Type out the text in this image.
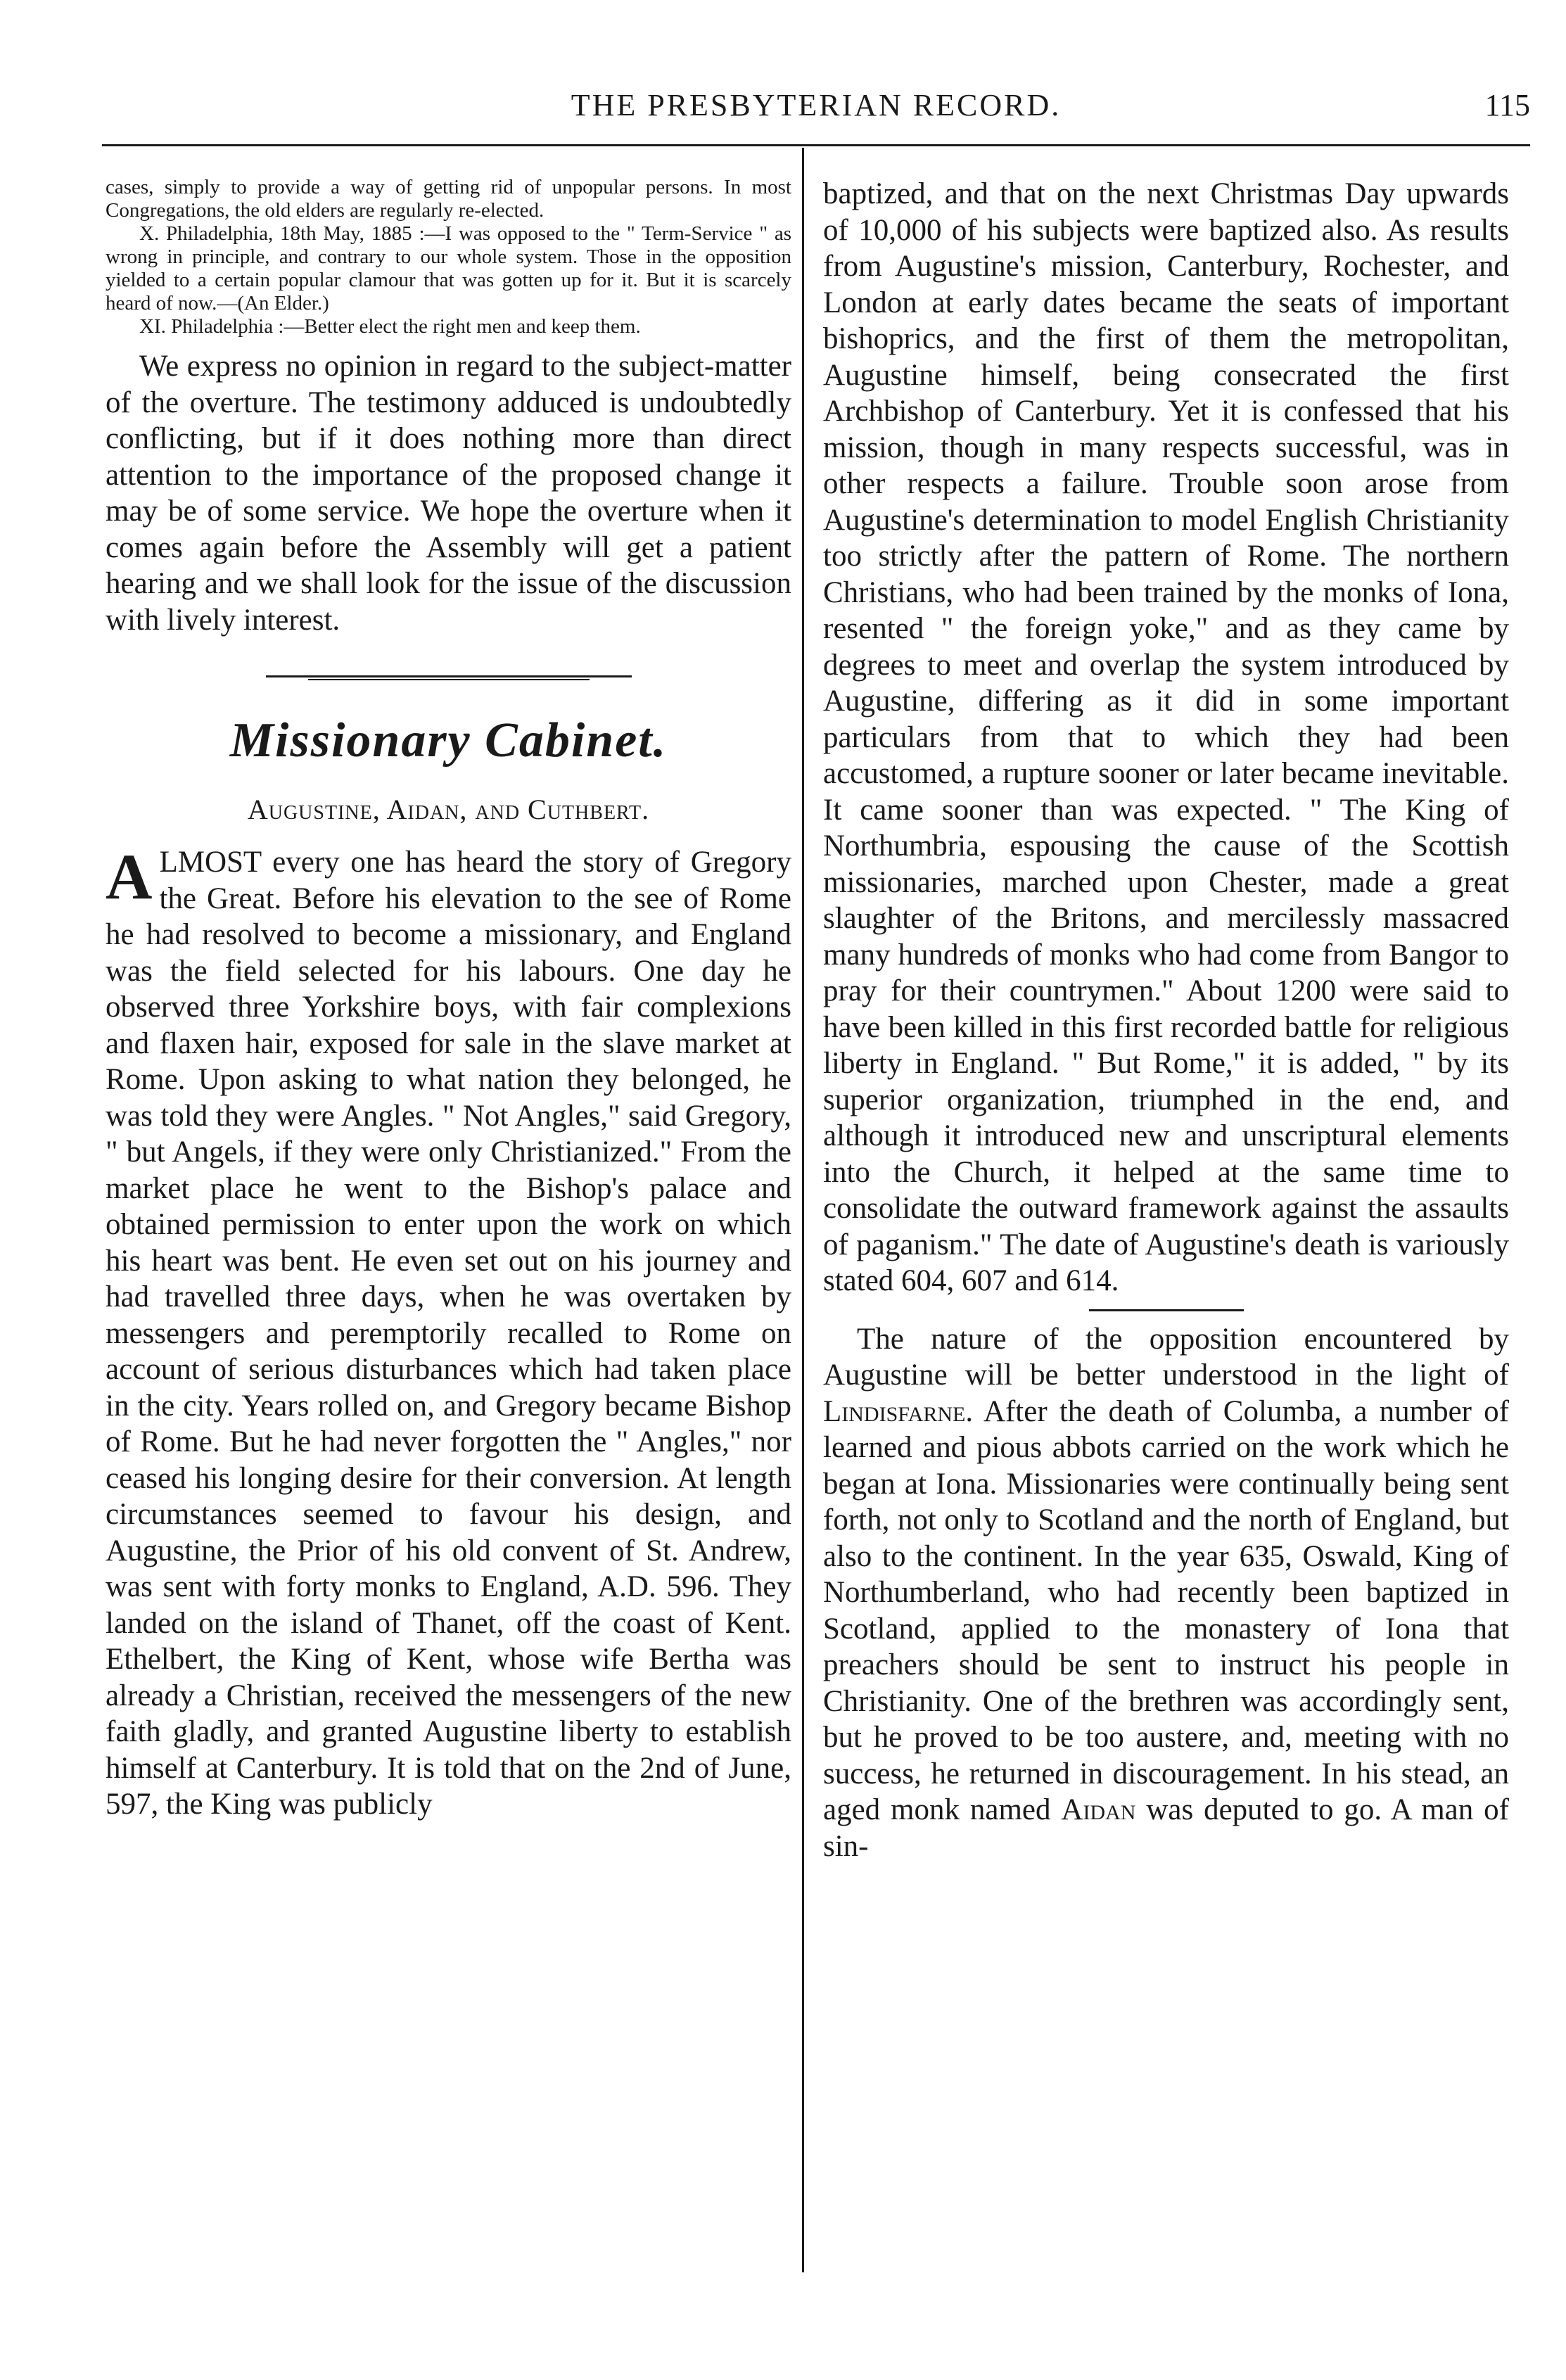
THE PRESBYTERIAN RECORD.	115

cases, simply to provide a way of getting rid of unpopular persons. In most Congregations, the old elders are regularly re-elected.

X. Philadelphia, 18th May, 1885 :—I was opposed to the " Term-Service " as wrong in principle, and contrary to our whole system. Those in the opposition yielded to a certain popular clamour that was gotten up for it. But it is scarcely heard of now.—(An Elder.)

XI. Philadelphia :—Better elect the right men and keep them.

We express no opinion in regard to the subject-matter of the overture. The testimony adduced is undoubtedly conflicting, but if it does nothing more than direct attention to the importance of the proposed change it may be of some service. We hope the overture when it comes again before the Assembly will get a patient hearing and we shall look for the issue of the discussion with lively interest.

Missionary Cabinet.
Augustine, Aidan, and Cuthbert.

ALMOST every one has heard the story of Gregory the Great. Before his elevation to the see of Rome he had resolved to become a missionary, and England was the field selected for his labours. One day he observed three Yorkshire boys, with fair complexions and flaxen hair, exposed for sale in the slave market at Rome. Upon asking to what nation they belonged, he was told they were Angles. " Not Angles," said Gregory, " but Angels, if they were only Christianized." From the market place he went to the Bishop's palace and obtained permission to enter upon the work on which his heart was bent. He even set out on his journey and had travelled three days, when he was overtaken by messengers and peremptorily recalled to Rome on account of serious disturbances which had taken place in the city. Years rolled on, and Gregory became Bishop of Rome. But he had never forgotten the " Angles," nor ceased his longing desire for their conversion. At length circumstances seemed to favour his design, and Augustine, the Prior of his old convent of St. Andrew, was sent with forty monks to England, A.D. 596. They landed on the island of Thanet, off the coast of Kent. Ethelbert, the King of Kent, whose wife Bertha was already a Christian, received the messengers of the new faith gladly, and granted Augustine liberty to establish himself at Canterbury. It is told that on the 2nd of June, 597, the King was publicly

baptized, and that on the next Christmas Day upwards of 10,000 of his subjects were baptized also. As results from Augustine's mission, Canterbury, Rochester, and London at early dates became the seats of important bishoprics, and the first of them the metropolitan, Augustine himself, being consecrated the first Archbishop of Canterbury. Yet it is confessed that his mission, though in many respects successful, was in other respects a failure. Trouble soon arose from Augustine's determination to model English Christianity too strictly after the pattern of Rome. The northern Christians, who had been trained by the monks of Iona, resented " the foreign yoke," and as they came by degrees to meet and overlap the system introduced by Augustine, differing as it did in some important particulars from that to which they had been accustomed, a rupture sooner or later became inevitable. It came sooner than was expected. " The King of Northumbria, espousing the cause of the Scottish missionaries, marched upon Chester, made a great slaughter of the Britons, and mercilessly massacred many hundreds of monks who had come from Bangor to pray for their countrymen." About 1200 were said to have been killed in this first recorded battle for religious liberty in England. " But Rome," it is added, " by its superior organization, triumphed in the end, and although it introduced new and unscriptural elements into the Church, it helped at the same time to consolidate the outward framework against the assaults of paganism." The date of Augustine's death is variously stated 604, 607 and 614.

The nature of the opposition encountered by Augustine will be better understood in the light of Lindisfarne. After the death of Columba, a number of learned and pious abbots carried on the work which he began at Iona. Missionaries were continually being sent forth, not only to Scotland and the north of England, but also to the continent. In the year 635, Oswald, King of Northumberland, who had recently been baptized in Scotland, applied to the monastery of Iona that preachers should be sent to instruct his people in Christianity. One of the brethren was accordingly sent, but he proved to be too austere, and, meeting with no success, he returned in discouragement. In his stead, an aged monk named Aidan was deputed to go. A man of sin-
